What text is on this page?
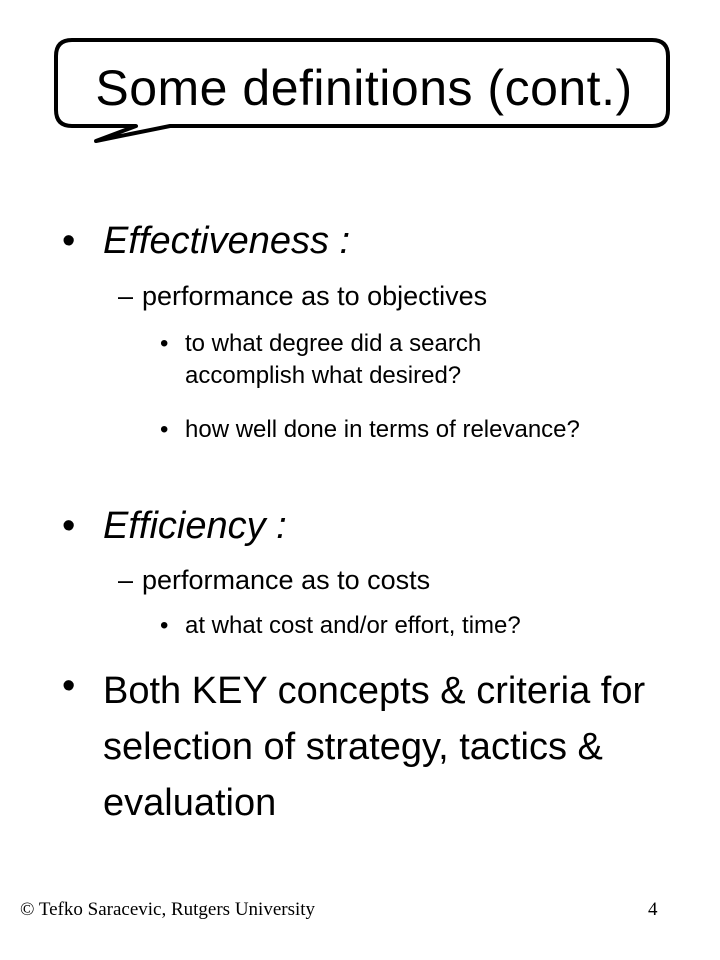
Some definitions (cont.)
• Effectiveness :
– performance as to objectives
• to what degree did a search accomplish what desired?
• how well done in terms of relevance?
• Efficiency :
– performance as to costs
• at what cost and/or effort, time?
• Both KEY concepts & criteria for selection of strategy, tactics & evaluation
© Tefko Saracevic, Rutgers University	4
